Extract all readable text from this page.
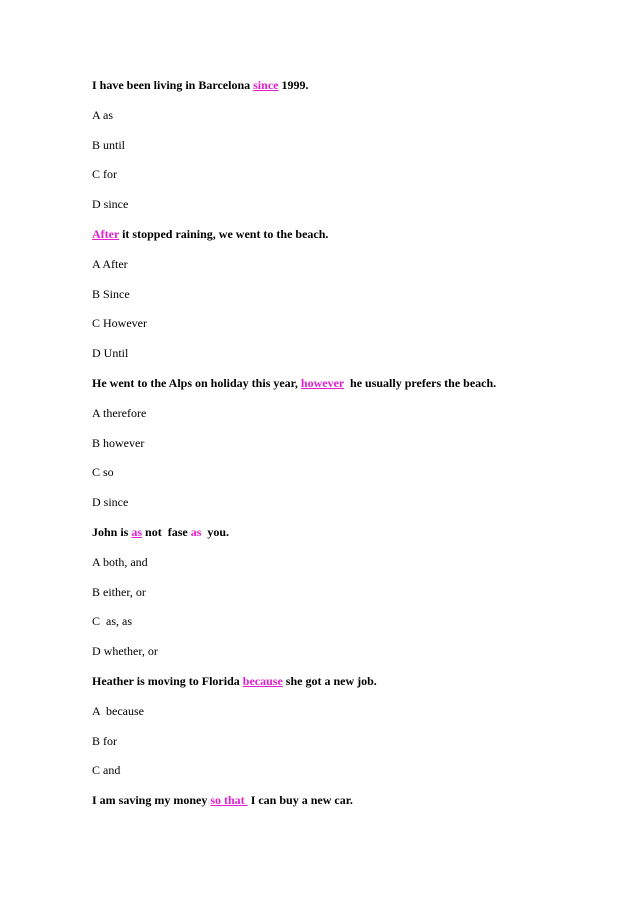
I have been living in Barcelona since 1999.
A as
B until
C for
D since
After it stopped raining, we went to the beach.
A After
B Since
C However
D Until
He went to the Alps on holiday this year, however  he usually prefers the beach.
A therefore
B however
C so
D since
John is as not  fase as  you.
A both, and
B either, or
C  as, as
D whether, or
Heather is moving to Florida because she got a new job.
A  because
B for
C and
I am saving my money so that  I can buy a new car.
